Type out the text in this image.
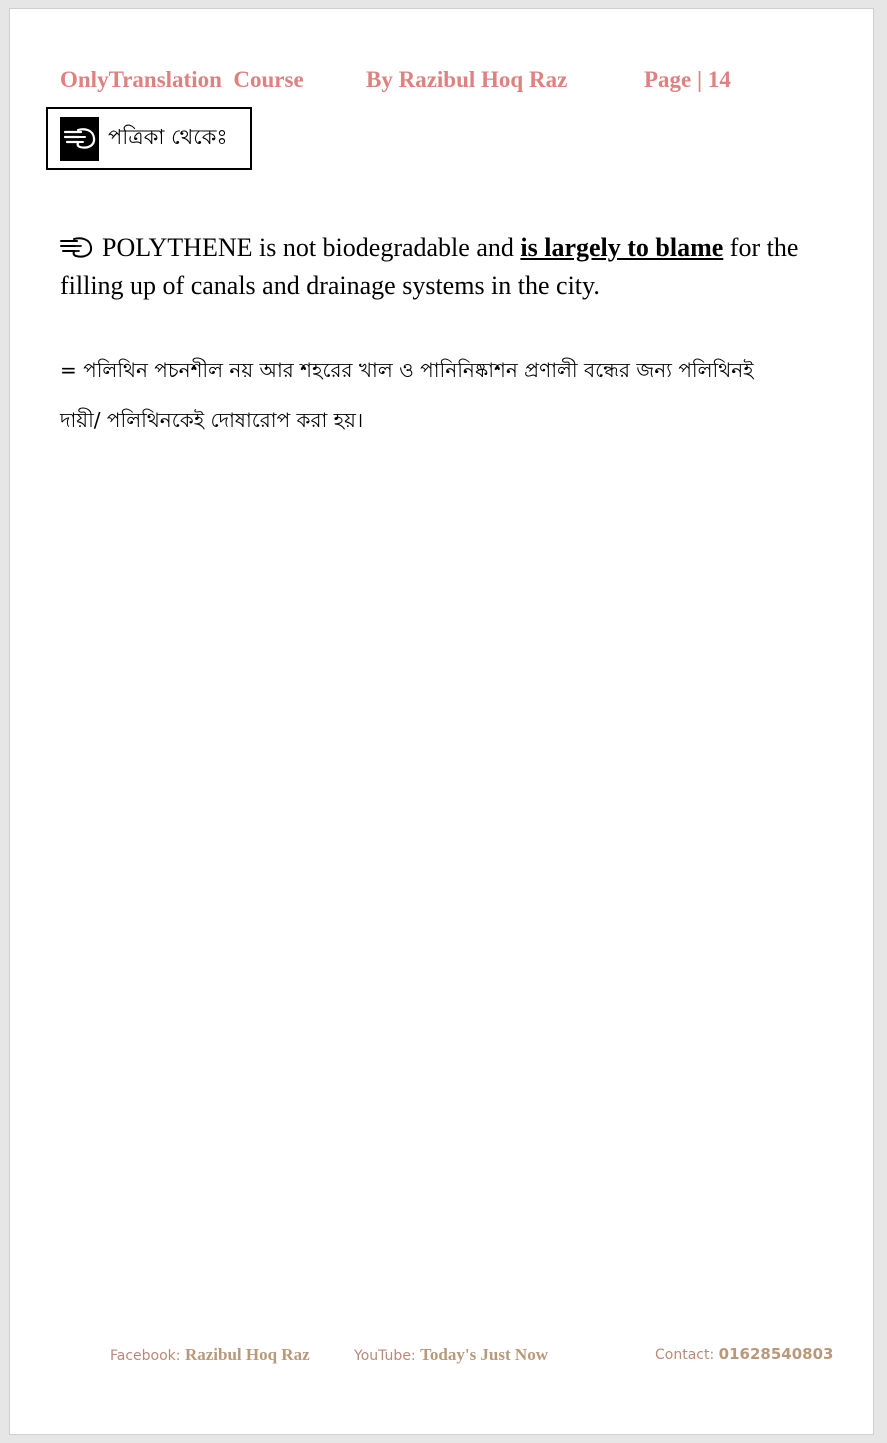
OnlyTranslation  Course	By Razibul Hoq Raz	Page | 14
পত্রিকা থেকেঃ
POLYTHENE is not biodegradable and is largely to blame for the filling up of canals and drainage systems in the city.
= পলিথিন পচনশীল নয় আর শহরের খাল ও পানিনিষ্কাশন প্রণালী বন্ধের জন্য পলিথিনই দায়ী/ পলিথিনকেই দোষারোপ করা হয়।
Facebook: Razibul Hoq Raz	YouTube: Today's Just Now	Contact: 01628540803
